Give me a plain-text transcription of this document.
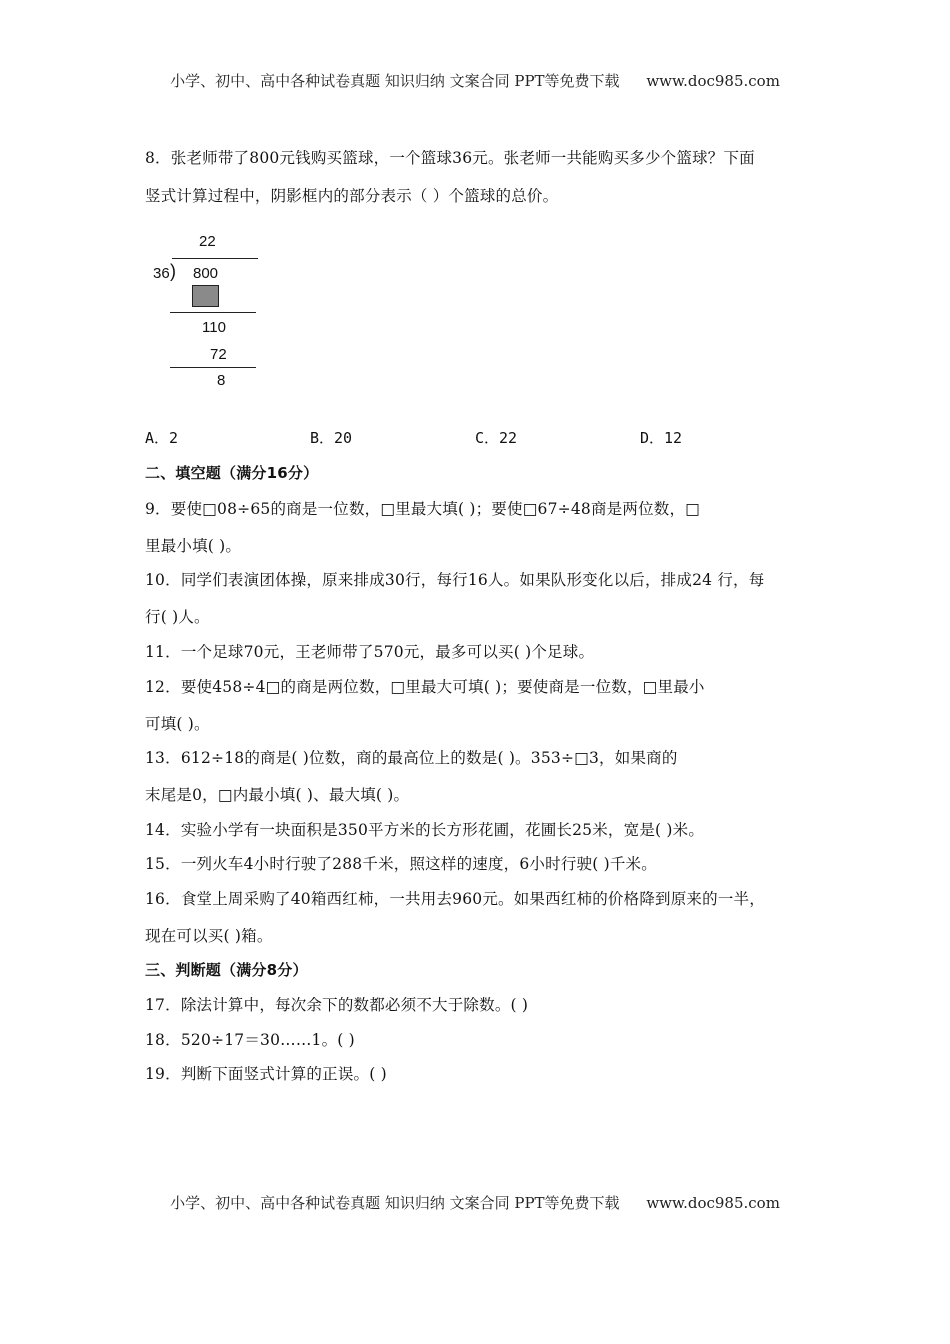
小学、初中、高中各种试卷真题 知识归纳 文案合同 PPT等免费下载 www.doc985.com
8．张老师带了800元钱购买篮球，一个篮球36元。张老师一共能购买多少个篮球？下面
竖式计算过程中，阴影框内的部分表示（ ）个篮球的总价。
22
36 ) 800
110
72
8
A．2	B．20	C．22	D．12
二、填空题（满分16分）
9．要使□08÷65的商是一位数，□里最大填( )；要使□67÷48商是两位数，□
里最小填( )。
10．同学们表演团体操，原来排成30行，每行16人。如果队形变化以后，排成24 行，每
行( )人。
11．一个足球70元，王老师带了570元，最多可以买( )个足球。
12．要使458÷4□的商是两位数，□里最大可填( )；要使商是一位数，□里最小
可填( )。
13．612÷18的商是( )位数，商的最高位上的数是( )。353÷□3，如果商的
末尾是0，□内最小填( )、最大填( )。
14．实验小学有一块面积是350平方米的长方形花圃，花圃长25米，宽是( )米。
15．一列火车4小时行驶了288千米，照这样的速度，6小时行驶( )千米。
16．食堂上周采购了40箱西红柿，一共用去960元。如果西红柿的价格降到原来的一半，
现在可以买( )箱。
三、判断题（满分8分）
17．除法计算中，每次余下的数都必须不大于除数。( )
18．520÷17＝30……1。( )
19．判断下面竖式计算的正误。( )
小学、初中、高中各种试卷真题 知识归纳 文案合同 PPT等免费下载 www.doc985.com
